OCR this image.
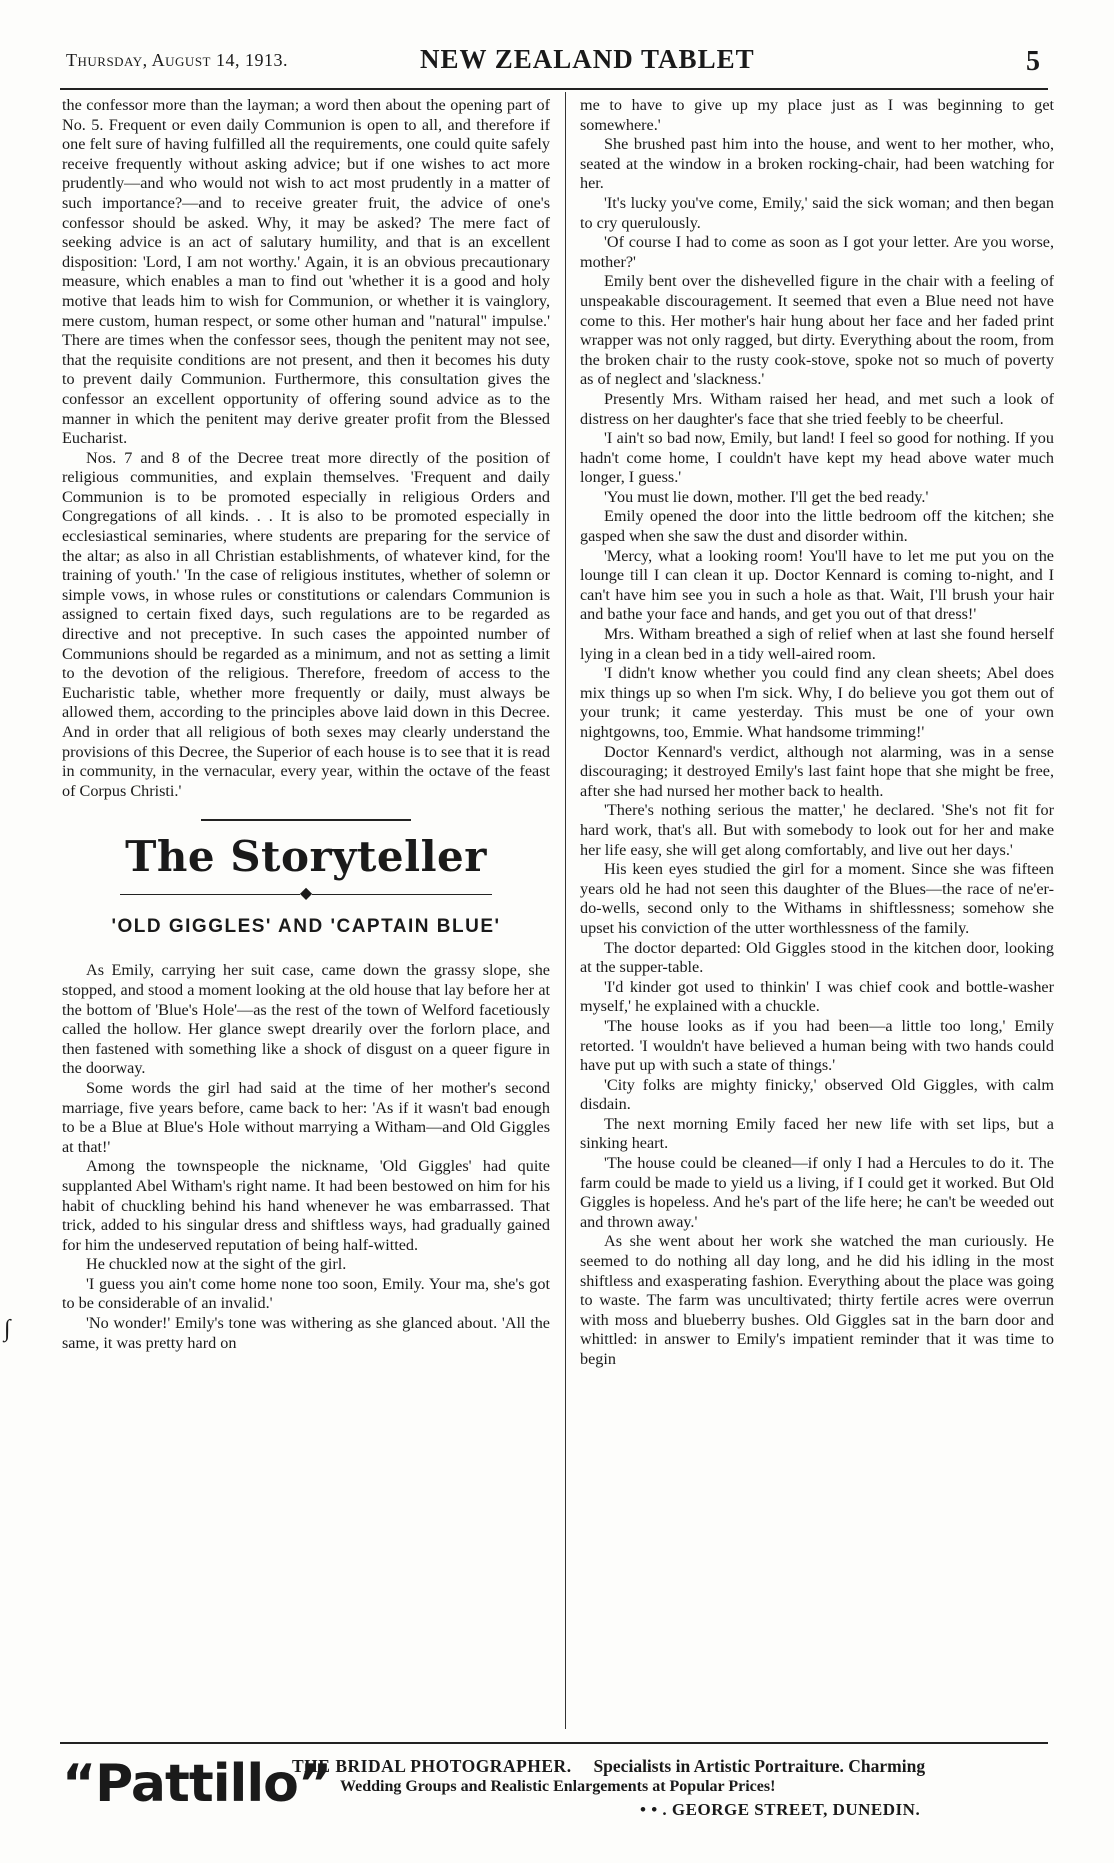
Thursday, August 14, 1913.	NEW ZEALAND TABLET	5

the confessor more than the layman; a word then about the opening part of No. 5. Frequent or even daily Communion is open to all, and therefore if one felt sure of having fulfilled all the requirements, one could quite safely receive frequently without asking advice; but if one wishes to act more prudently—and who would not wish to act most prudently in a matter of such importance?—and to receive greater fruit, the advice of one's confessor should be asked. Why, it may be asked? The mere fact of seeking advice is an act of salutary humility, and that is an excellent disposition: 'Lord, I am not worthy.' Again, it is an obvious precautionary measure, which enables a man to find out 'whether it is a good and holy motive that leads him to wish for Communion, or whether it is vainglory, mere custom, human respect, or some other human and "natural" impulse.' There are times when the confessor sees, though the penitent may not see, that the requisite conditions are not present, and then it becomes his duty to prevent daily Communion. Furthermore, this consultation gives the confessor an excellent opportunity of offering sound advice as to the manner in which the penitent may derive greater profit from the Blessed Eucharist.

Nos. 7 and 8 of the Decree treat more directly of the position of religious communities, and explain themselves. 'Frequent and daily Communion is to be promoted especially in religious Orders and Congregations of all kinds. . . It is also to be promoted especially in ecclesiastical seminaries, where students are preparing for the service of the altar; as also in all Christian establishments, of whatever kind, for the training of youth.' 'In the case of religious institutes, whether of solemn or simple vows, in whose rules or constitutions or calendars Communion is assigned to certain fixed days, such regulations are to be regarded as directive and not preceptive. In such cases the appointed number of Communions should be regarded as a minimum, and not as setting a limit to the devotion of the religious. Therefore, freedom of access to the Eucharistic table, whether more frequently or daily, must always be allowed them, according to the principles above laid down in this Decree. And in order that all religious of both sexes may clearly understand the provisions of this Decree, the Superior of each house is to see that it is read in community, in the vernacular, every year, within the octave of the feast of Corpus Christi.'

The Storyteller
◆
'OLD GIGGLES' AND 'CAPTAIN BLUE'

As Emily, carrying her suit case, came down the grassy slope, she stopped, and stood a moment looking at the old house that lay before her at the bottom of 'Blue's Hole'—as the rest of the town of Welford facetiously called the hollow. Her glance swept drearily over the forlorn place, and then fastened with something like a shock of disgust on a queer figure in the doorway.

Some words the girl had said at the time of her mother's second marriage, five years before, came back to her: 'As if it wasn't bad enough to be a Blue at Blue's Hole without marrying a Witham—and Old Giggles at that!'

Among the townspeople the nickname, 'Old Giggles' had quite supplanted Abel Witham's right name. It had been bestowed on him for his habit of chuckling behind his hand whenever he was embarrassed. That trick, added to his singular dress and shiftless ways, had gradually gained for him the undeserved reputation of being half-witted.

He chuckled now at the sight of the girl.

'I guess you ain't come home none too soon, Emily. Your ma, she's got to be considerable of an invalid.'

'No wonder!' Emily's tone was withering as she glanced about. 'All the same, it was pretty hard on

me to have to give up my place just as I was beginning to get somewhere.'

She brushed past him into the house, and went to her mother, who, seated at the window in a broken rocking-chair, had been watching for her.

'It's lucky you've come, Emily,' said the sick woman; and then began to cry querulously.

'Of course I had to come as soon as I got your letter. Are you worse, mother?'

Emily bent over the dishevelled figure in the chair with a feeling of unspeakable discouragement. It seemed that even a Blue need not have come to this. Her mother's hair hung about her face and her faded print wrapper was not only ragged, but dirty. Everything about the room, from the broken chair to the rusty cook-stove, spoke not so much of poverty as of neglect and 'slackness.'

Presently Mrs. Witham raised her head, and met such a look of distress on her daughter's face that she tried feebly to be cheerful.

'I ain't so bad now, Emily, but land! I feel so good for nothing. If you hadn't come home, I couldn't have kept my head above water much longer, I guess.'

'You must lie down, mother. I'll get the bed ready.'

Emily opened the door into the little bedroom off the kitchen; she gasped when she saw the dust and disorder within.

'Mercy, what a looking room! You'll have to let me put you on the lounge till I can clean it up. Doctor Kennard is coming to-night, and I can't have him see you in such a hole as that. Wait, I'll brush your hair and bathe your face and hands, and get you out of that dress!'

Mrs. Witham breathed a sigh of relief when at last she found herself lying in a clean bed in a tidy well-aired room.

'I didn't know whether you could find any clean sheets; Abel does mix things up so when I'm sick. Why, I do believe you got them out of your trunk; it came yesterday. This must be one of your own nightgowns, too, Emmie. What handsome trimming!'

Doctor Kennard's verdict, although not alarming, was in a sense discouraging; it destroyed Emily's last faint hope that she might be free, after she had nursed her mother back to health.

'There's nothing serious the matter,' he declared. 'She's not fit for hard work, that's all. But with somebody to look out for her and make her life easy, she will get along comfortably, and live out her days.'

His keen eyes studied the girl for a moment. Since she was fifteen years old he had not seen this daughter of the Blues—the race of ne'er-do-wells, second only to the Withams in shiftlessness; somehow she upset his conviction of the utter worthlessness of the family.

The doctor departed: Old Giggles stood in the kitchen door, looking at the supper-table.

'I'd kinder got used to thinkin' I was chief cook and bottle-washer myself,' he explained with a chuckle.

'The house looks as if you had been—a little too long,' Emily retorted. 'I wouldn't have believed a human being with two hands could have put up with such a state of things.'

'City folks are mighty finicky,' observed Old Giggles, with calm disdain.

The next morning Emily faced her new life with set lips, but a sinking heart.

'The house could be cleaned—if only I had a Hercules to do it. The farm could be made to yield us a living, if I could get it worked. But Old Giggles is hopeless. And he's part of the life here; he can't be weeded out and thrown away.'

As she went about her work she watched the man curiously. He seemed to do nothing all day long, and he did his idling in the most shiftless and exasperating fashion. Everything about the place was going to waste. The farm was uncultivated; thirty fertile acres were overrun with moss and blueberry bushes. Old Giggles sat in the barn door and whittled: in answer to Emily's impatient reminder that it was time to begin

∫
“Pattillo”
THE BRIDAL PHOTOGRAPHER. Specialists in Artistic Portraiture. Charming
Wedding Groups and Realistic Enlargements at Popular Prices!
• • . GEORGE STREET, DUNEDIN.
